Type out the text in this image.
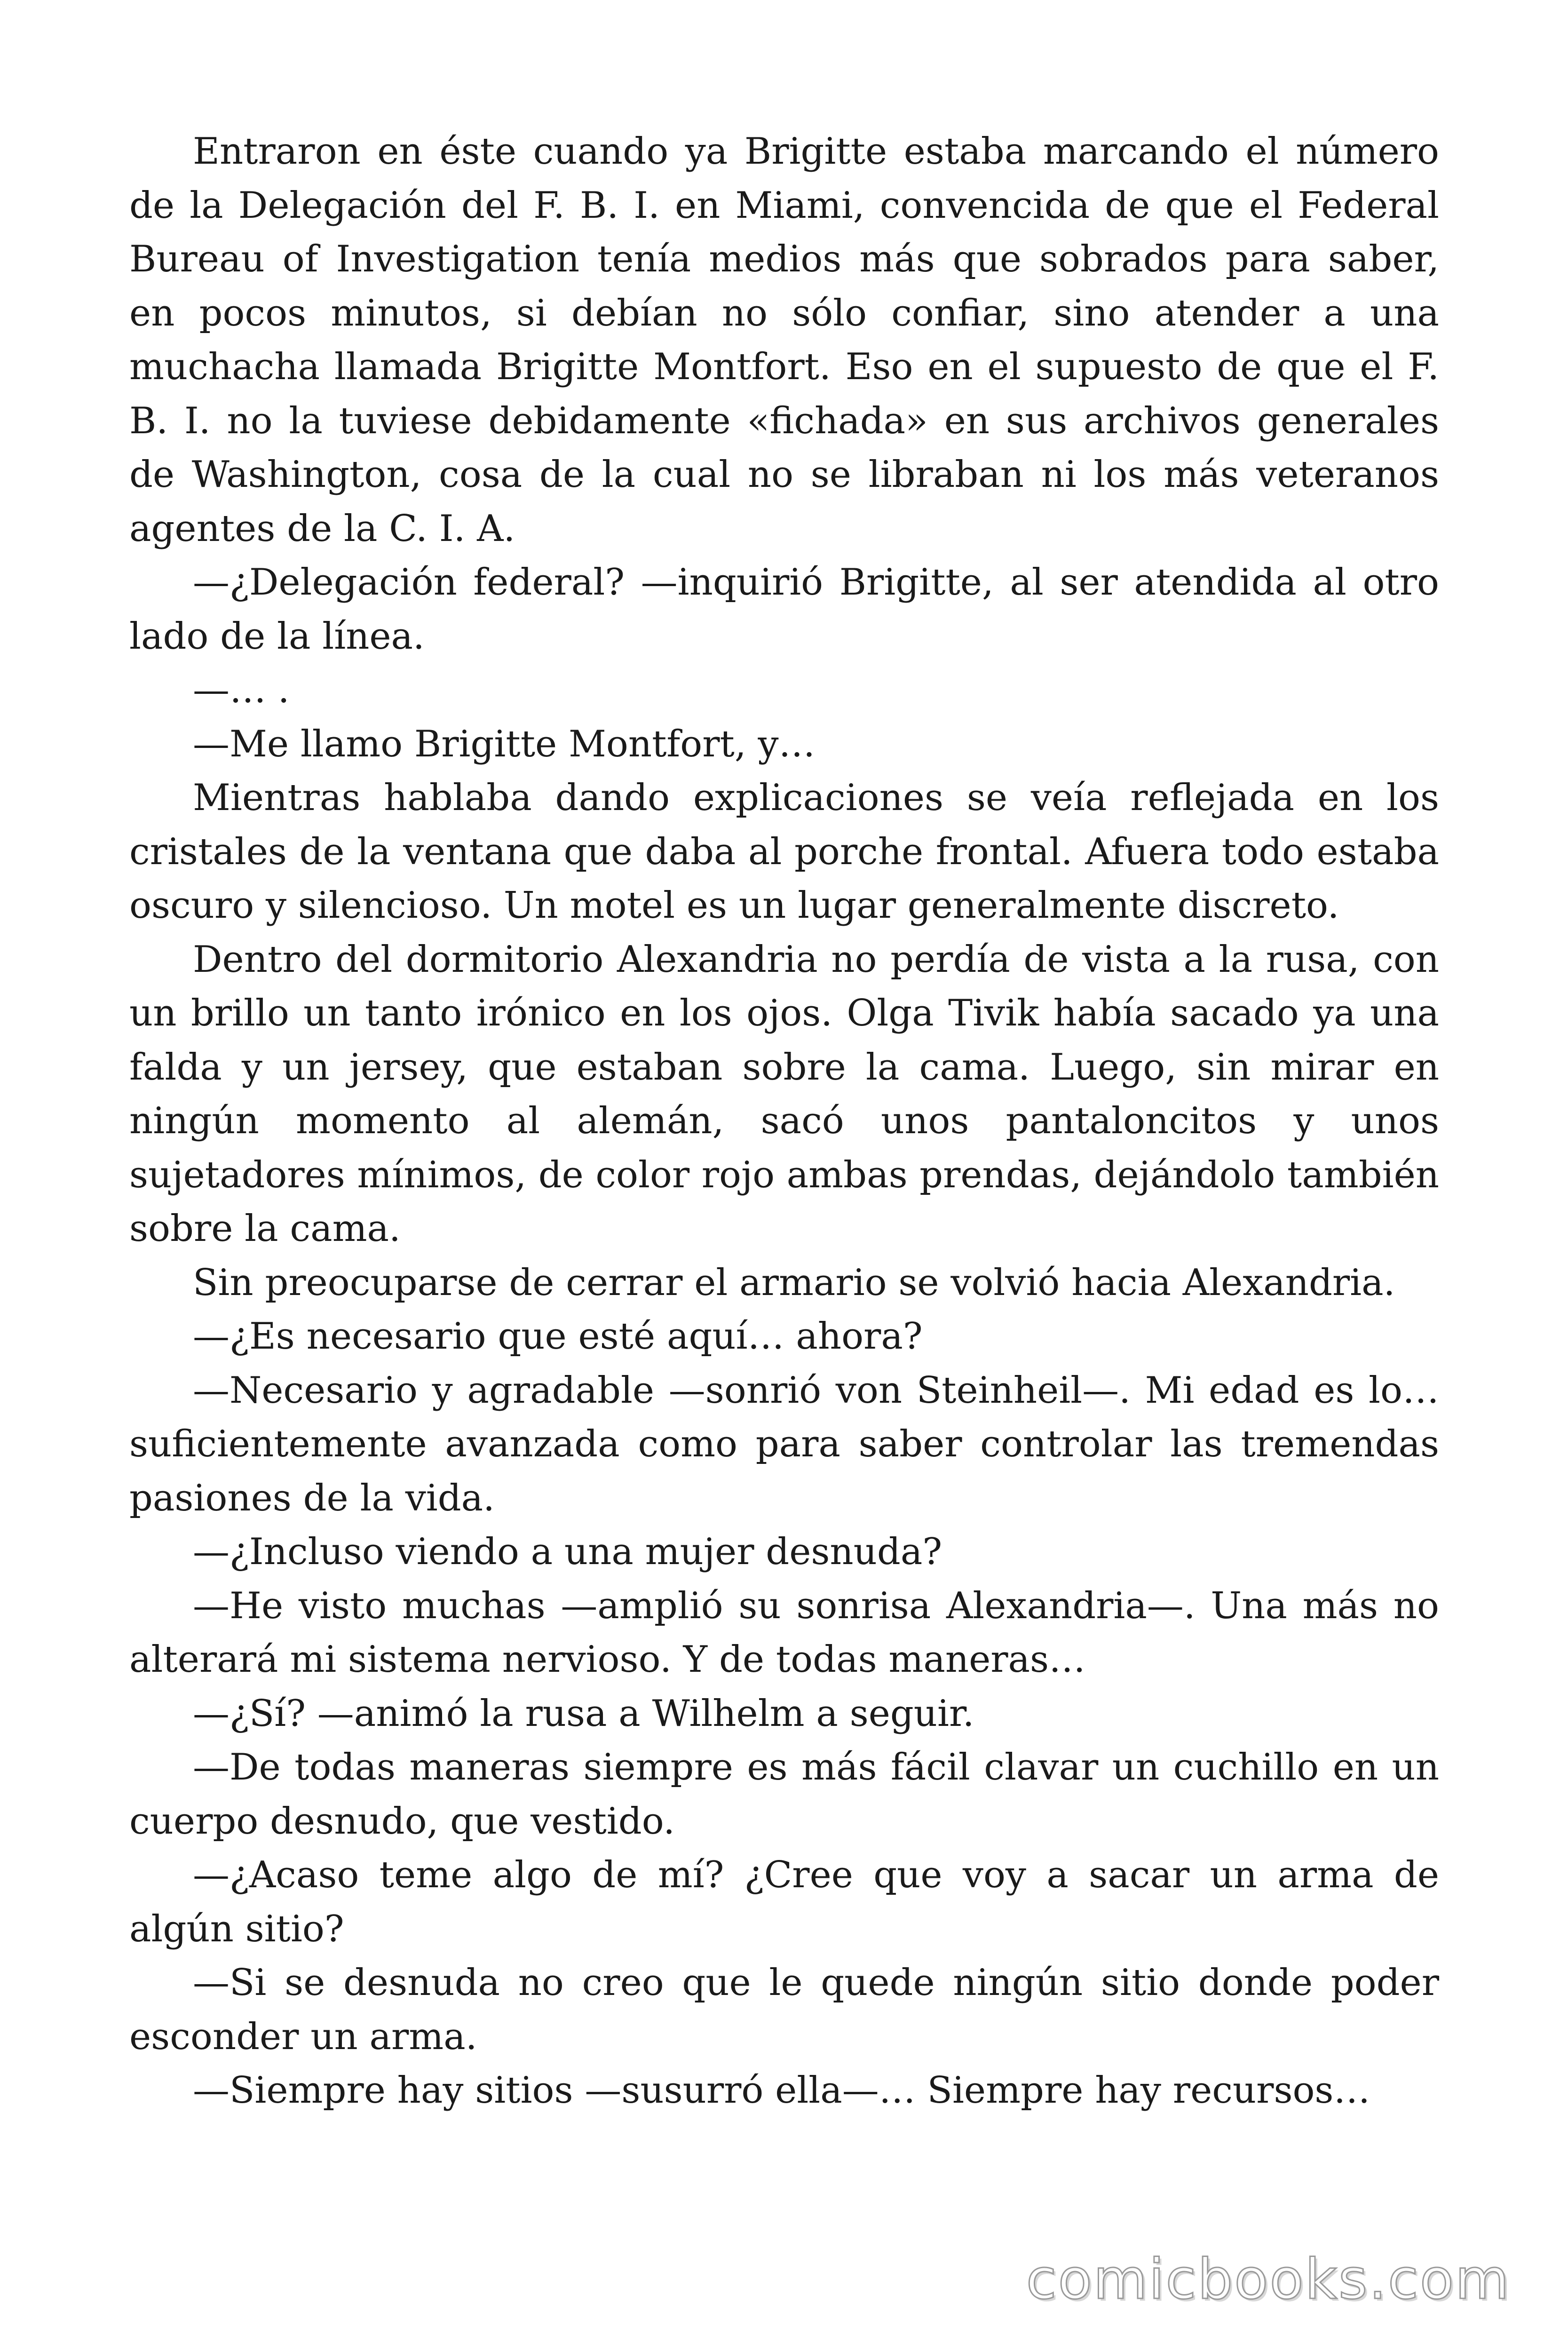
Entraron en éste cuando ya Brigitte estaba marcando el número de la Delegación del F. B. I. en Miami, convencida de que el Federal Bureau of Investigation tenía medios más que sobrados para saber, en pocos minutos, si debían no sólo confiar, sino atender a una muchacha llamada Brigitte Montfort. Eso en el supuesto de que el F. B. I. no la tuviese debidamente «fichada» en sus archivos generales de Washington, cosa de la cual no se libraban ni los más veteranos agentes de la C. I. A.

—¿Delegación federal? —inquirió Brigitte, al ser atendida al otro lado de la línea.

—… .

—Me llamo Brigitte Montfort, y…

Mientras hablaba dando explicaciones se veía reflejada en los cristales de la ventana que daba al porche frontal. Afuera todo estaba oscuro y silencioso. Un motel es un lugar generalmente discreto.

Dentro del dormitorio Alexandria no perdía de vista a la rusa, con un brillo un tanto irónico en los ojos. Olga Tivik había sacado ya una falda y un jersey, que estaban sobre la cama. Luego, sin mirar en ningún momento al alemán, sacó unos pantaloncitos y unos sujetadores mínimos, de color rojo ambas prendas, dejándolo también sobre la cama.

Sin preocuparse de cerrar el armario se volvió hacia Alexandria.

—¿Es necesario que esté aquí… ahora?

—Necesario y agradable —sonrió von Steinheil—. Mi edad es lo… suficientemente avanzada como para saber controlar las tremendas pasiones de la vida.

—¿Incluso viendo a una mujer desnuda?

—He visto muchas —amplió su sonrisa Alexandria—. Una más no alterará mi sistema nervioso. Y de todas maneras…

—¿Sí? —animó la rusa a Wilhelm a seguir.

—De todas maneras siempre es más fácil clavar un cuchillo en un cuerpo desnudo, que vestido.

—¿Acaso teme algo de mí? ¿Cree que voy a sacar un arma de algún sitio?

—Si se desnuda no creo que le quede ningún sitio donde poder esconder un arma.

—Siempre hay sitios —susurró ella—… Siempre hay recursos…

comicbooks.com
